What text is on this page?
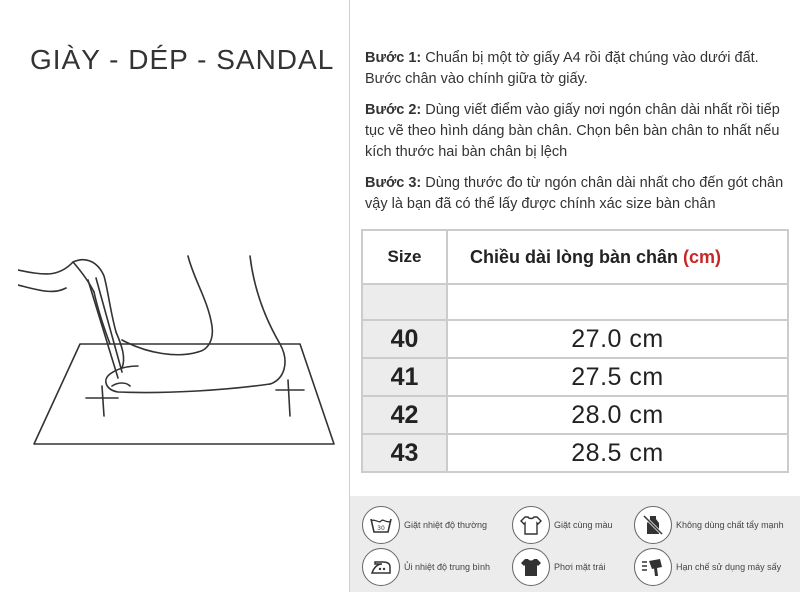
GIÀY - DÉP - SANDAL Bước 1: Chuẩn bị một tờ giấy A4 rồi đặt chúng vào dưới đất. Bước chân vào chính giữa tờ giấy.

Bước 2: Dùng viết điểm vào giấy nơi ngón chân dài nhất rồi tiếp tục vẽ theo hình dáng bàn chân. Chọn bên bàn chân to nhất nếu kích thước hai bàn chân bị lệch

Bước 3: Dùng thước đo từ ngón chân dài nhất cho đến gót chân vậy là bạn đã có thể lấy được chính xác size bàn chân

Size	Chiều dài lòng bàn chân (cm)

40	27.0 cm
41	27.5 cm
42	28.0 cm
43	28.5 cm
30 Giặt nhiệt độ thường	Giặt cùng màu	Không dùng chất tẩy mạnh
Ủi nhiệt độ trung bình	Phơi mặt trái	Hạn chế sử dụng máy sấy
